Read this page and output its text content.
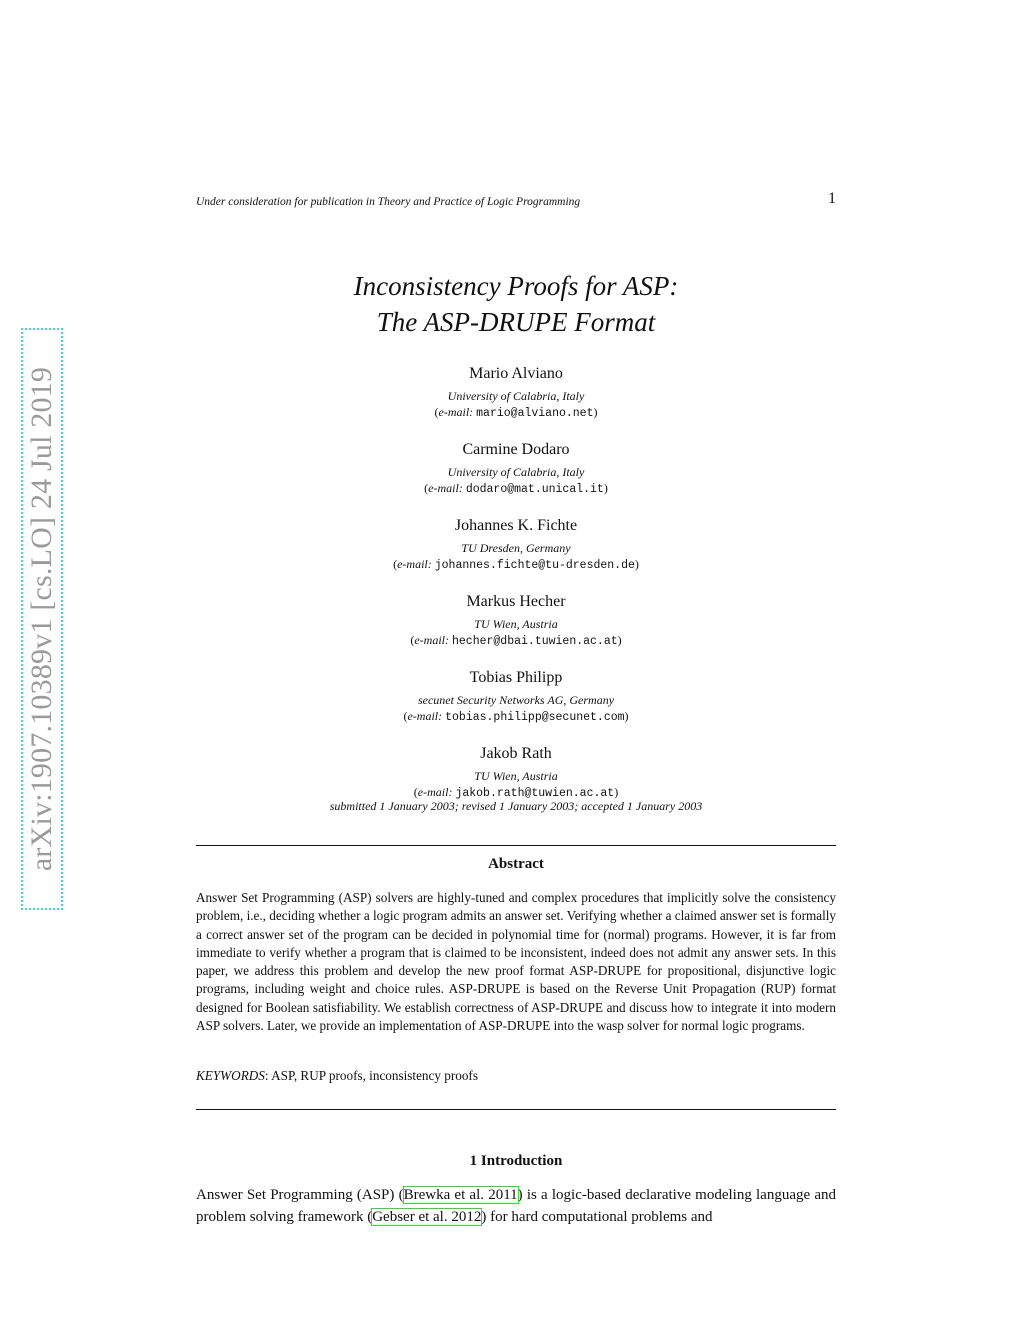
Under consideration for publication in Theory and Practice of Logic Programming	1
arXiv:1907.10389v1 [cs.LO] 24 Jul 2019
Inconsistency Proofs for ASP:
The ASP-DRUPE Format
Mario Alviano
University of Calabria, Italy
(e-mail: mario@alviano.net)
Carmine Dodaro
University of Calabria, Italy
(e-mail: dodaro@mat.unical.it)
Johannes K. Fichte
TU Dresden, Germany
(e-mail: johannes.fichte@tu-dresden.de)
Markus Hecher
TU Wien, Austria
(e-mail: hecher@dbai.tuwien.ac.at)
Tobias Philipp
secunet Security Networks AG, Germany
(e-mail: tobias.philipp@secunet.com)
Jakob Rath
TU Wien, Austria
(e-mail: jakob.rath@tuwien.ac.at)
submitted 1 January 2003; revised 1 January 2003; accepted 1 January 2003
Abstract
Answer Set Programming (ASP) solvers are highly-tuned and complex procedures that implicitly solve the consistency problem, i.e., deciding whether a logic program admits an answer set. Verifying whether a claimed answer set is formally a correct answer set of the program can be decided in polynomial time for (normal) programs. However, it is far from immediate to verify whether a program that is claimed to be inconsistent, indeed does not admit any answer sets. In this paper, we address this problem and develop the new proof format ASP-DRUPE for propositional, disjunctive logic programs, including weight and choice rules. ASP-DRUPE is based on the Reverse Unit Propagation (RUP) format designed for Boolean satisfiability. We establish correctness of ASP-DRUPE and discuss how to integrate it into modern ASP solvers. Later, we provide an implementation of ASP-DRUPE into the wasp solver for normal logic programs.
KEYWORDS: ASP, RUP proofs, inconsistency proofs
1 Introduction
Answer Set Programming (ASP) (Brewka et al. 2011) is a logic-based declarative modeling language and problem solving framework (Gebser et al. 2012) for hard computational problems and
